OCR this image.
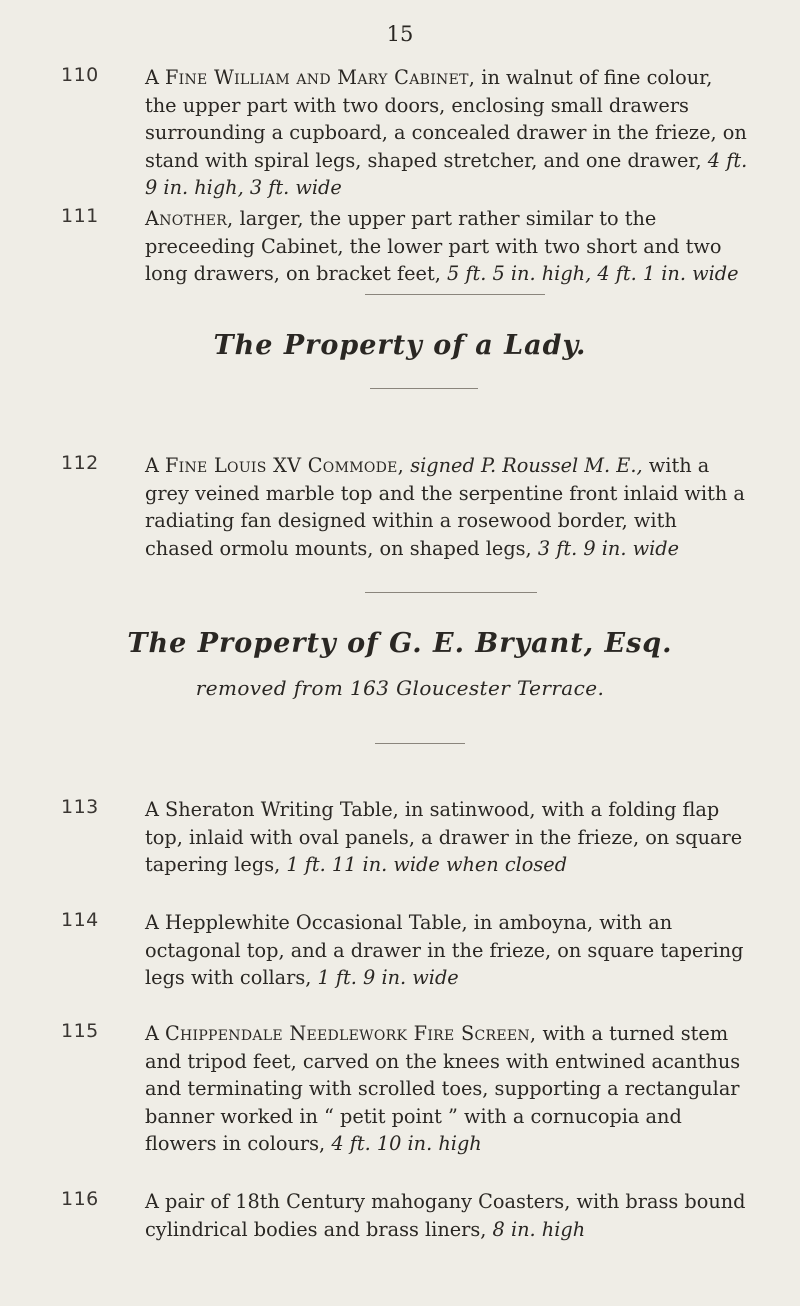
15
110 A Fine William and Mary Cabinet, in walnut of fine colour, the upper part with two doors, enclosing small drawers surrounding a cupboard, a concealed drawer in the frieze, on stand with spiral legs, shaped stretcher, and one drawer, 4 ft. 9 in. high, 3 ft. wide
111 Another, larger, the upper part rather similar to the preceeding Cabinet, the lower part with two short and two long drawers, on bracket feet, 5 ft. 5 in. high, 4 ft. 1 in. wide
The Property of a Lady.
112 A Fine Louis XV Commode, signed P. Roussel M. E., with a grey veined marble top and the serpentine front inlaid with a radiating fan designed within a rosewood border, with chased ormolu mounts, on shaped legs, 3 ft. 9 in. wide
The Property of G. E. Bryant, Esq.
removed from 163 Gloucester Terrace.
113 A Sheraton Writing Table, in satinwood, with a folding flap top, inlaid with oval panels, a drawer in the frieze, on square tapering legs, 1 ft. 11 in. wide when closed
114 A Hepplewhite Occasional Table, in amboyna, with an octagonal top, and a drawer in the frieze, on square tapering legs with collars, 1 ft. 9 in. wide
115 A Chippendale Needlework Fire Screen, with a turned stem and tripod feet, carved on the knees with entwined acanthus and terminating with scrolled toes, supporting a rectangular banner worked in “ petit point ” with a cornucopia and flowers in colours, 4 ft. 10 in. high
116 A pair of 18th Century mahogany Coasters, with brass bound cylindrical bodies and brass liners, 8 in. high
